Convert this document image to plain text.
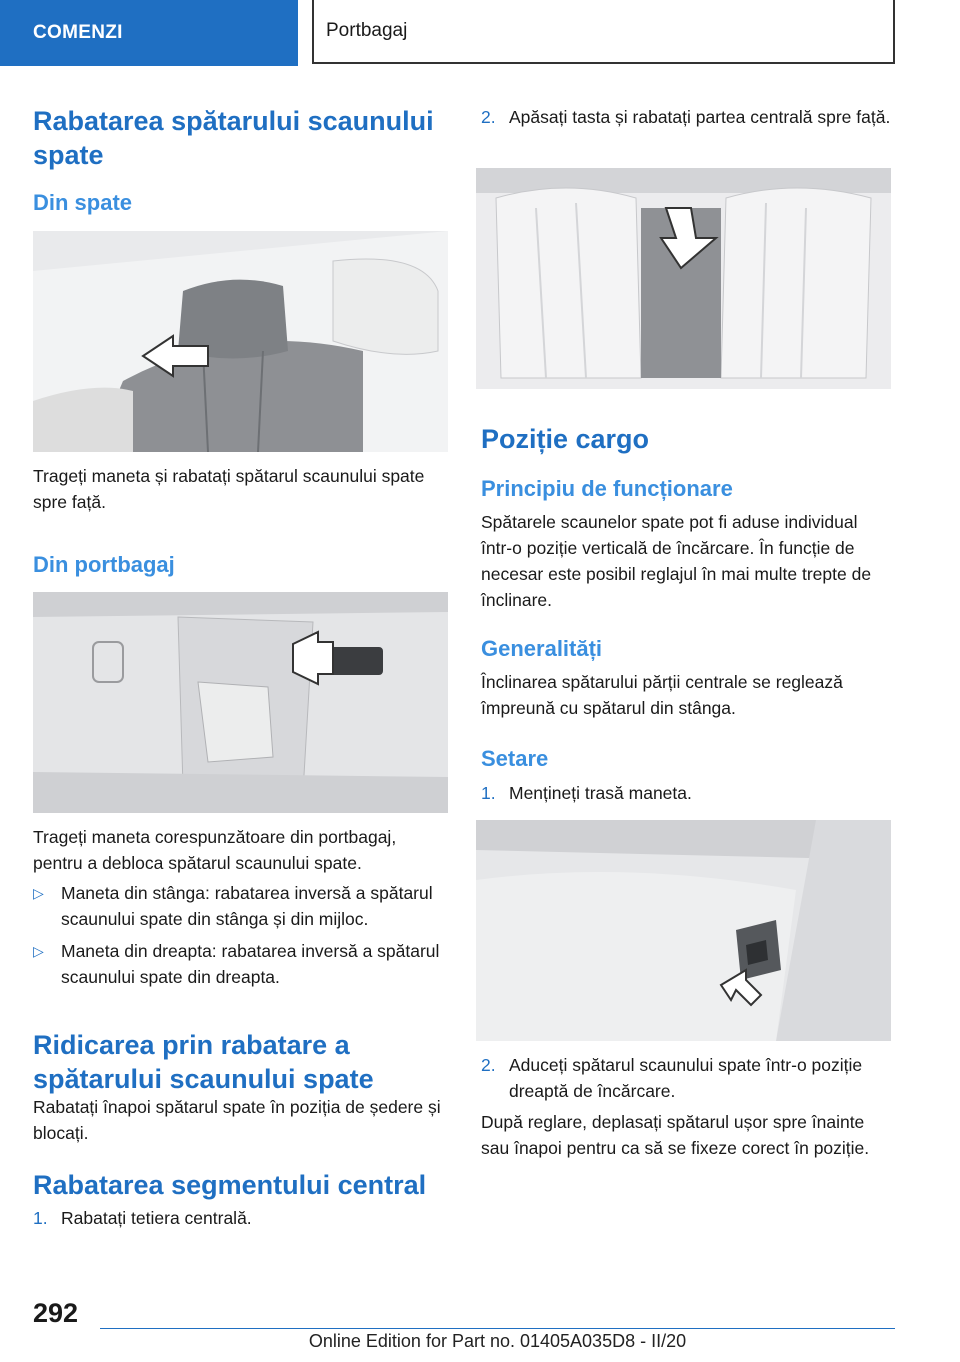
COMENZI	Portbagaj
Rabatarea spătarului scaunului spate
Din spate

Trageți maneta și rabatați spătarul scaunului spate spre față.

Din portbagaj

Trageți maneta corespunzătoare din portbagaj, pentru a debloca spătarul scaunului spate.

▷ Maneta din stânga: rabatarea inversă a spătarul scaunului spate din stânga și din mijloc.
▷ Maneta din dreapta: rabatarea inversă a spătarul scaunului spate din dreapta.
Ridicarea prin rabatare a spătarului scaunului spate

Rabatați înapoi spătarul spate în poziția de ședere și blocați.

Rabatarea segmentului central
1. Rabatați tetiera centrală.
2. Apăsați tasta și rabatați partea centrală spre față.
Poziție cargo
Principiu de funcționare

Spătarele scaunelor spate pot fi aduse individual într-o poziție verticală de încărcare. În funcție de necesar este posibil reglajul în mai multe trepte de înclinare.

Generalități

Înclinarea spătarului părții centrale se reglează împreună cu spătarul din stânga.

Setare
1. Mențineți trasă maneta.
2. Aduceți spătarul scaunului spate într-o poziție dreaptă de încărcare.

După reglare, deplasați spătarul ușor spre înainte sau înapoi pentru ca să se fixeze corect în poziție.

292
Online Edition for Part no. 01405A035D8 - II/20
